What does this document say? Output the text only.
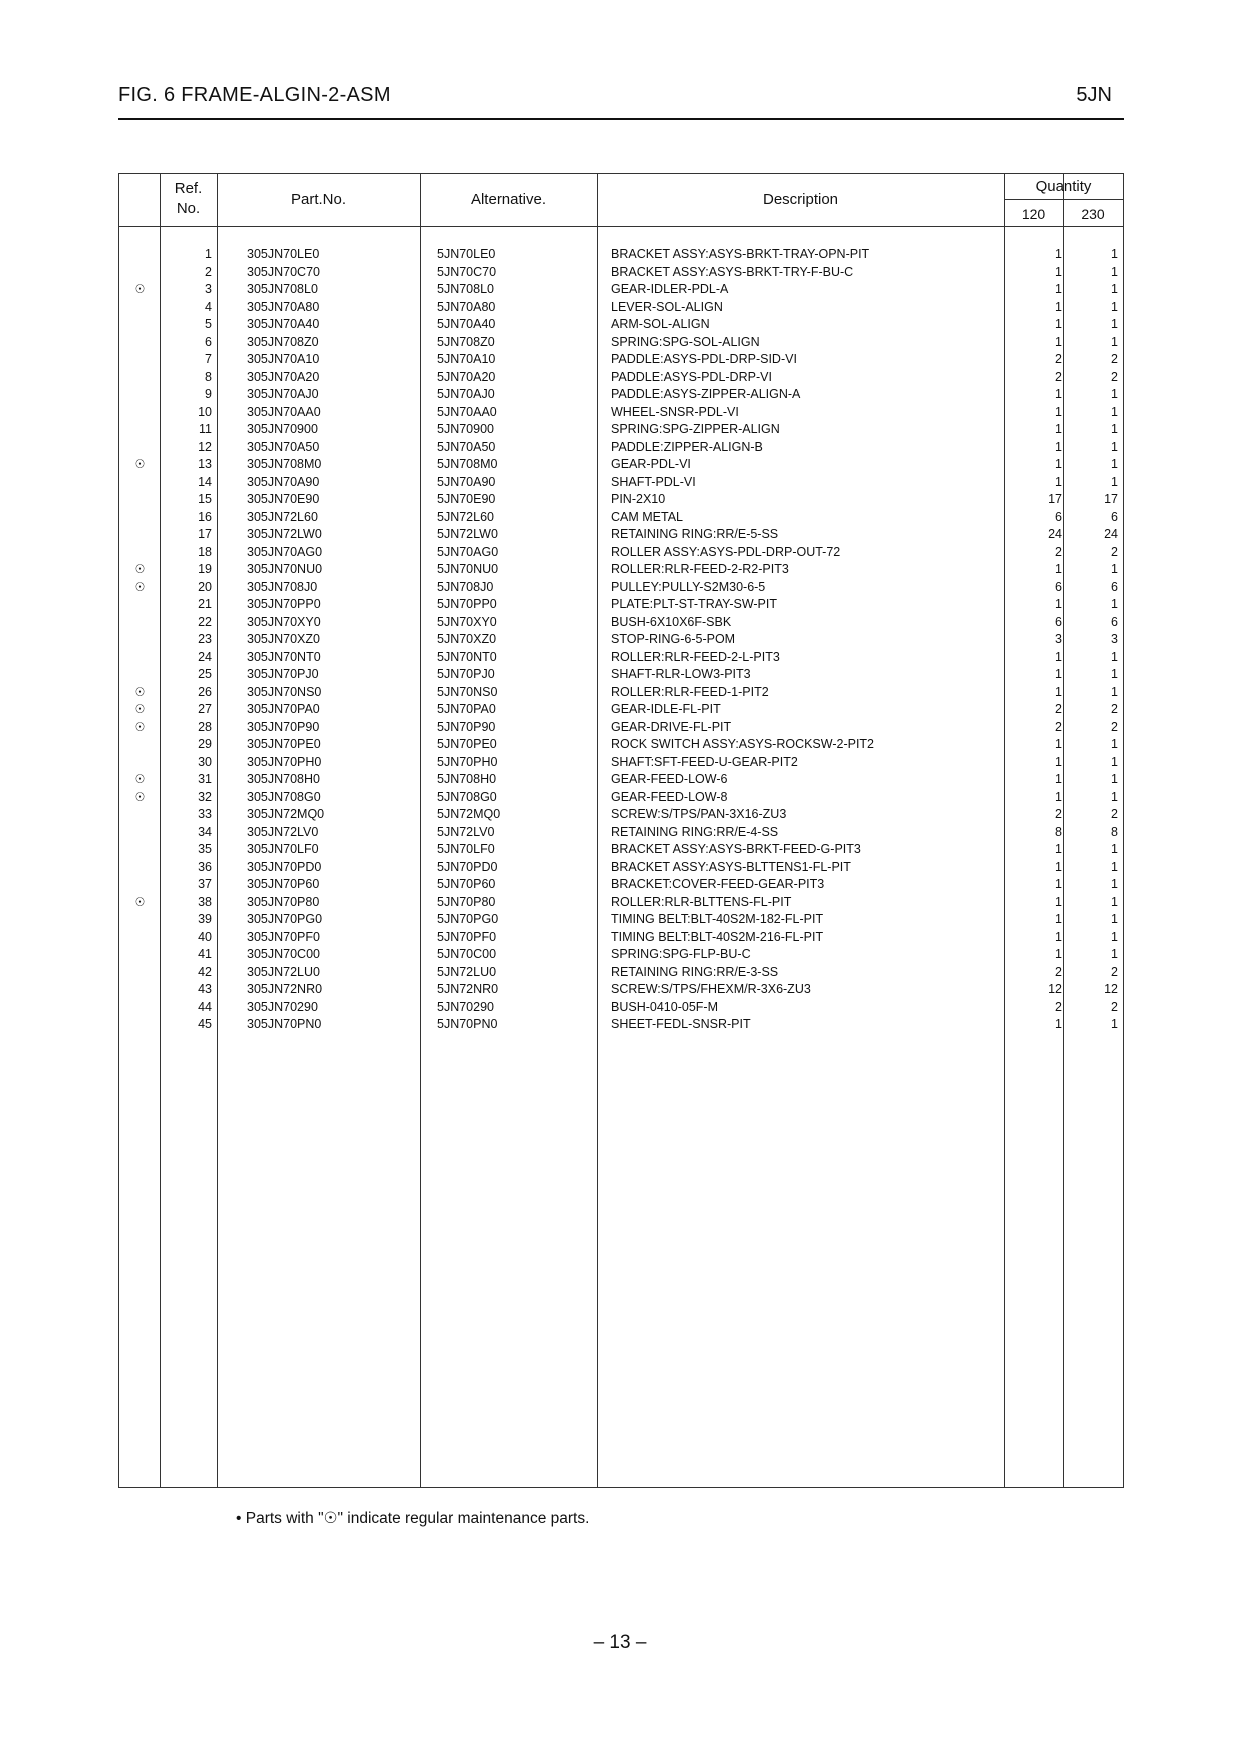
FIG. 6 FRAME-ALGIN-2-ASM	5JN
Ref.
No.
Part.No.	Alternative.	Description
Quantity
120	230
1	305JN70LE0	5JN70LE0	BRACKET ASSY:ASYS-BRKT-TRAY-OPN-PIT	1	1
2	305JN70C70	5JN70C70	BRACKET ASSY:ASYS-BRKT-TRY-F-BU-C	1	1
☉	3	305JN708L0	5JN708L0	GEAR-IDLER-PDL-A	1	1
4	305JN70A80	5JN70A80	LEVER-SOL-ALIGN	1	1
5	305JN70A40	5JN70A40	ARM-SOL-ALIGN	1	1
6	305JN708Z0	5JN708Z0	SPRING:SPG-SOL-ALIGN	1	1
7	305JN70A10	5JN70A10	PADDLE:ASYS-PDL-DRP-SID-VI	2	2
8	305JN70A20	5JN70A20	PADDLE:ASYS-PDL-DRP-VI	2	2
9	305JN70AJ0	5JN70AJ0	PADDLE:ASYS-ZIPPER-ALIGN-A	1	1
10	305JN70AA0	5JN70AA0	WHEEL-SNSR-PDL-VI	1	1
11	305JN70900	5JN70900	SPRING:SPG-ZIPPER-ALIGN	1	1
12	305JN70A50	5JN70A50	PADDLE:ZIPPER-ALIGN-B	1	1
☉	13	305JN708M0	5JN708M0	GEAR-PDL-VI	1	1
14	305JN70A90	5JN70A90	SHAFT-PDL-VI	1	1
15	305JN70E90	5JN70E90	PIN-2X10	17	17
16	305JN72L60	5JN72L60	CAM METAL	6	6
17	305JN72LW0	5JN72LW0	RETAINING RING:RR/E-5-SS	24	24
18	305JN70AG0	5JN70AG0	ROLLER ASSY:ASYS-PDL-DRP-OUT-72	2	2
☉	19	305JN70NU0	5JN70NU0	ROLLER:RLR-FEED-2-R2-PIT3	1	1
☉	20	305JN708J0	5JN708J0	PULLEY:PULLY-S2M30-6-5	6	6
21	305JN70PP0	5JN70PP0	PLATE:PLT-ST-TRAY-SW-PIT	1	1
22	305JN70XY0	5JN70XY0	BUSH-6X10X6F-SBK	6	6
23	305JN70XZ0	5JN70XZ0	STOP-RING-6-5-POM	3	3
24	305JN70NT0	5JN70NT0	ROLLER:RLR-FEED-2-L-PIT3	1	1
25	305JN70PJ0	5JN70PJ0	SHAFT-RLR-LOW3-PIT3	1	1
☉	26	305JN70NS0	5JN70NS0	ROLLER:RLR-FEED-1-PIT2	1	1
☉	27	305JN70PA0	5JN70PA0	GEAR-IDLE-FL-PIT	2	2
☉	28	305JN70P90	5JN70P90	GEAR-DRIVE-FL-PIT	2	2
29	305JN70PE0	5JN70PE0	ROCK SWITCH ASSY:ASYS-ROCKSW-2-PIT2	1	1
30	305JN70PH0	5JN70PH0	SHAFT:SFT-FEED-U-GEAR-PIT2	1	1
☉	31	305JN708H0	5JN708H0	GEAR-FEED-LOW-6	1	1
☉	32	305JN708G0	5JN708G0	GEAR-FEED-LOW-8	1	1
33	305JN72MQ0	5JN72MQ0	SCREW:S/TPS/PAN-3X16-ZU3	2	2
34	305JN72LV0	5JN72LV0	RETAINING RING:RR/E-4-SS	8	8
35	305JN70LF0	5JN70LF0	BRACKET ASSY:ASYS-BRKT-FEED-G-PIT3	1	1
36	305JN70PD0	5JN70PD0	BRACKET ASSY:ASYS-BLTTENS1-FL-PIT	1	1
37	305JN70P60	5JN70P60	BRACKET:COVER-FEED-GEAR-PIT3	1	1
☉	38	305JN70P80	5JN70P80	ROLLER:RLR-BLTTENS-FL-PIT	1	1
39	305JN70PG0	5JN70PG0	TIMING BELT:BLT-40S2M-182-FL-PIT	1	1
40	305JN70PF0	5JN70PF0	TIMING BELT:BLT-40S2M-216-FL-PIT	1	1
41	305JN70C00	5JN70C00	SPRING:SPG-FLP-BU-C	1	1
42	305JN72LU0	5JN72LU0	RETAINING RING:RR/E-3-SS	2	2
43	305JN72NR0	5JN72NR0	SCREW:S/TPS/FHEXM/R-3X6-ZU3	12	12
44	305JN70290	5JN70290	BUSH-0410-05F-M	2	2
45	305JN70PN0	5JN70PN0	SHEET-FEDL-SNSR-PIT	1	1
• Parts with "☉" indicate regular maintenance parts.
– 13 –
